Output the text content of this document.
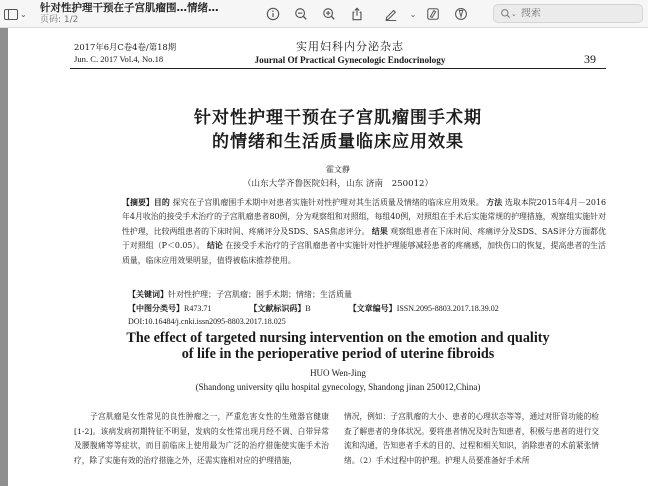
⌄ 针对性护理干预在子宫肌瘤围…情绪…
页码: 1/2
⌄	⌄
搜索
2017年6月C卷4卷/第18期
Jun. C. 2017 Vol.4, No.18
实用妇科内分泌杂志
Journal Of Practical Gynecologic Endocrinology	39
针对性护理干预在子宫肌瘤围手术期
的情绪和生活质量临床应用效果
霍文静
（山东大学齐鲁医院妇科，山东 济南　250012）
【摘要】目的 探究在子宫肌瘤围手术期中对患者实施针对性护理对其生活质量及情绪的临床应用效果。 方法 选取本院2015年4月－2016年4月收治的接受手术治疗的子宫肌瘤患者80例，分为观察组和对照组，每组40例，对照组在手术后实施常规的护理措施，观察组实施针对性护理，比较两组患者的下床时间、疼痛评分及SDS、SAS焦虑评分。 结果 观察组患者在下床时间、疼痛评分及SDS、SAS评分方面都优于对照组（P＜0.05）。 结论 在接受手术治疗的子宫肌瘤患者中实施针对性护理能够减轻患者的疼痛感，加快伤口的恢复，提高患者的生活质量，临床应用效果明显，值得被临床推荐使用。
【关键词】针对性护理；子宫肌瘤；围手术期；情绪；生活质量
【中图分类号】R473.71	【文献标识码】B	【文章编号】ISSN.2095-8803.2017.18.39.02
DOI:10.16484/j.cnki.issn2095-8803.2017.18.025
The effect of targeted nursing intervention on the emotion and quality
of life in the perioperative period of uterine fibroids
HUO Wen-Jing
(Shandong university qilu hospital gynecology, Shandong jinan 250012,China)
子宫肌瘤是女性常见的良性肿瘤之一，严重危害女性的生殖器官健康[1-2]。该病发病初期特征不明显，发病的女性常出现月经不调、白带异常及腰腹痛等等症状，而目前临床上使用最为广泛的治疗措施使实施手术治疗，除了实施有效的治疗措施之外，还需实施相对应的护理措施，
情况，例如：子宫肌瘤的大小、患者的心理状态等等，通过对肝肾功能的检查了解患者的身体状况。要将患者情况及时告知患者，积极与患者的进行交流和沟通，告知患者手术的目的、过程和相关知识，消除患者的术前紧张情绪。（2）手术过程中的护理。护理人员要准备好手术所
